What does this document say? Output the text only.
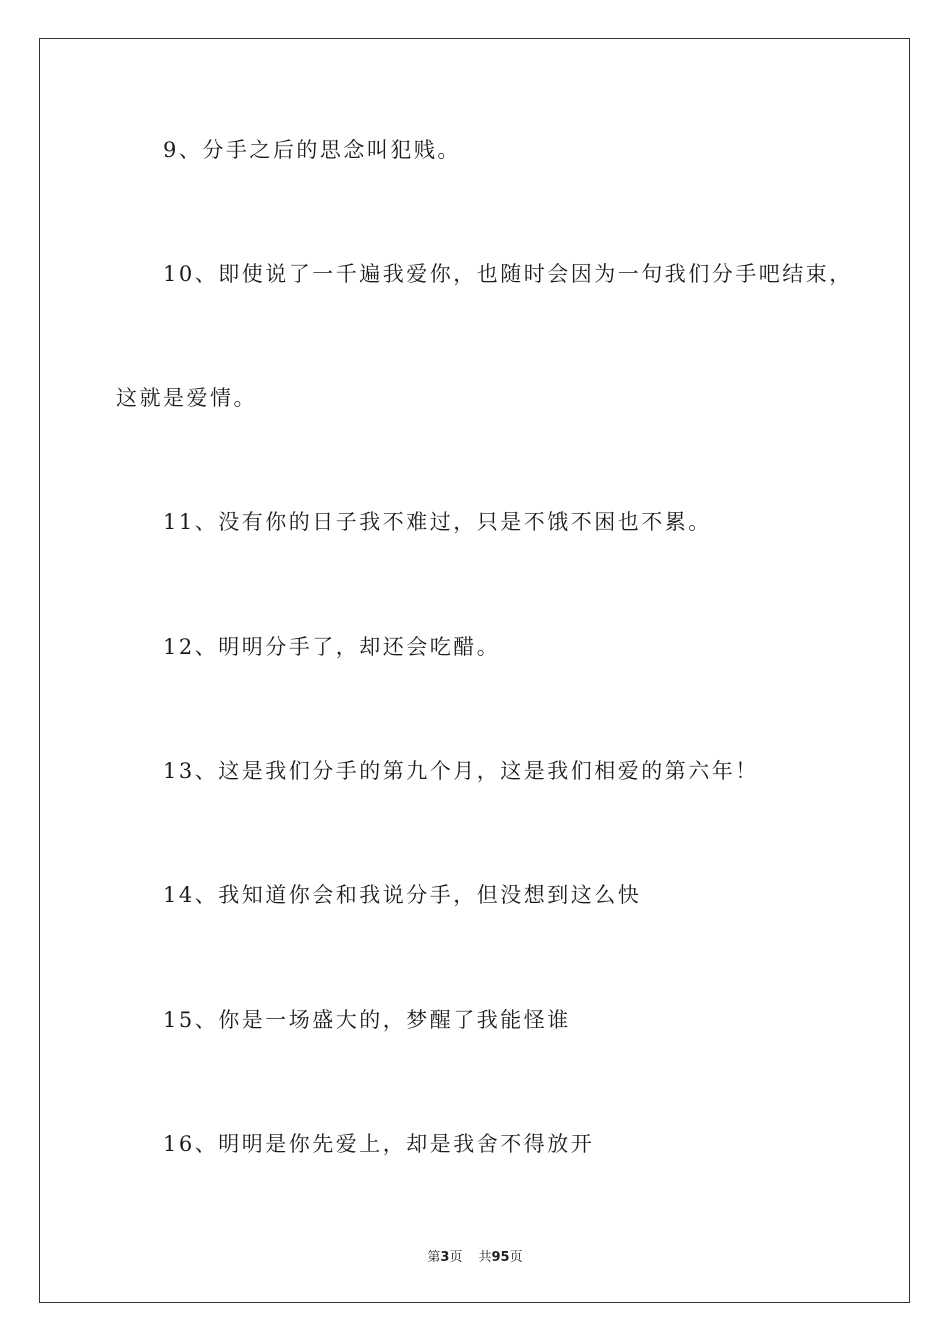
9、分手之后的思念叫犯贱。
10、即使说了一千遍我爱你，也随时会因为一句我们分手吧结束，
这就是爱情。
11、没有你的日子我不难过，只是不饿不困也不累。
12、明明分手了，却还会吃醋。
13、这是我们分手的第九个月，这是我们相爱的第六年！
14、我知道你会和我说分手，但没想到这么快
15、你是一场盛大的，梦醒了我能怪谁
16、明明是你先爱上，却是我舍不得放开
第3页 共95页
